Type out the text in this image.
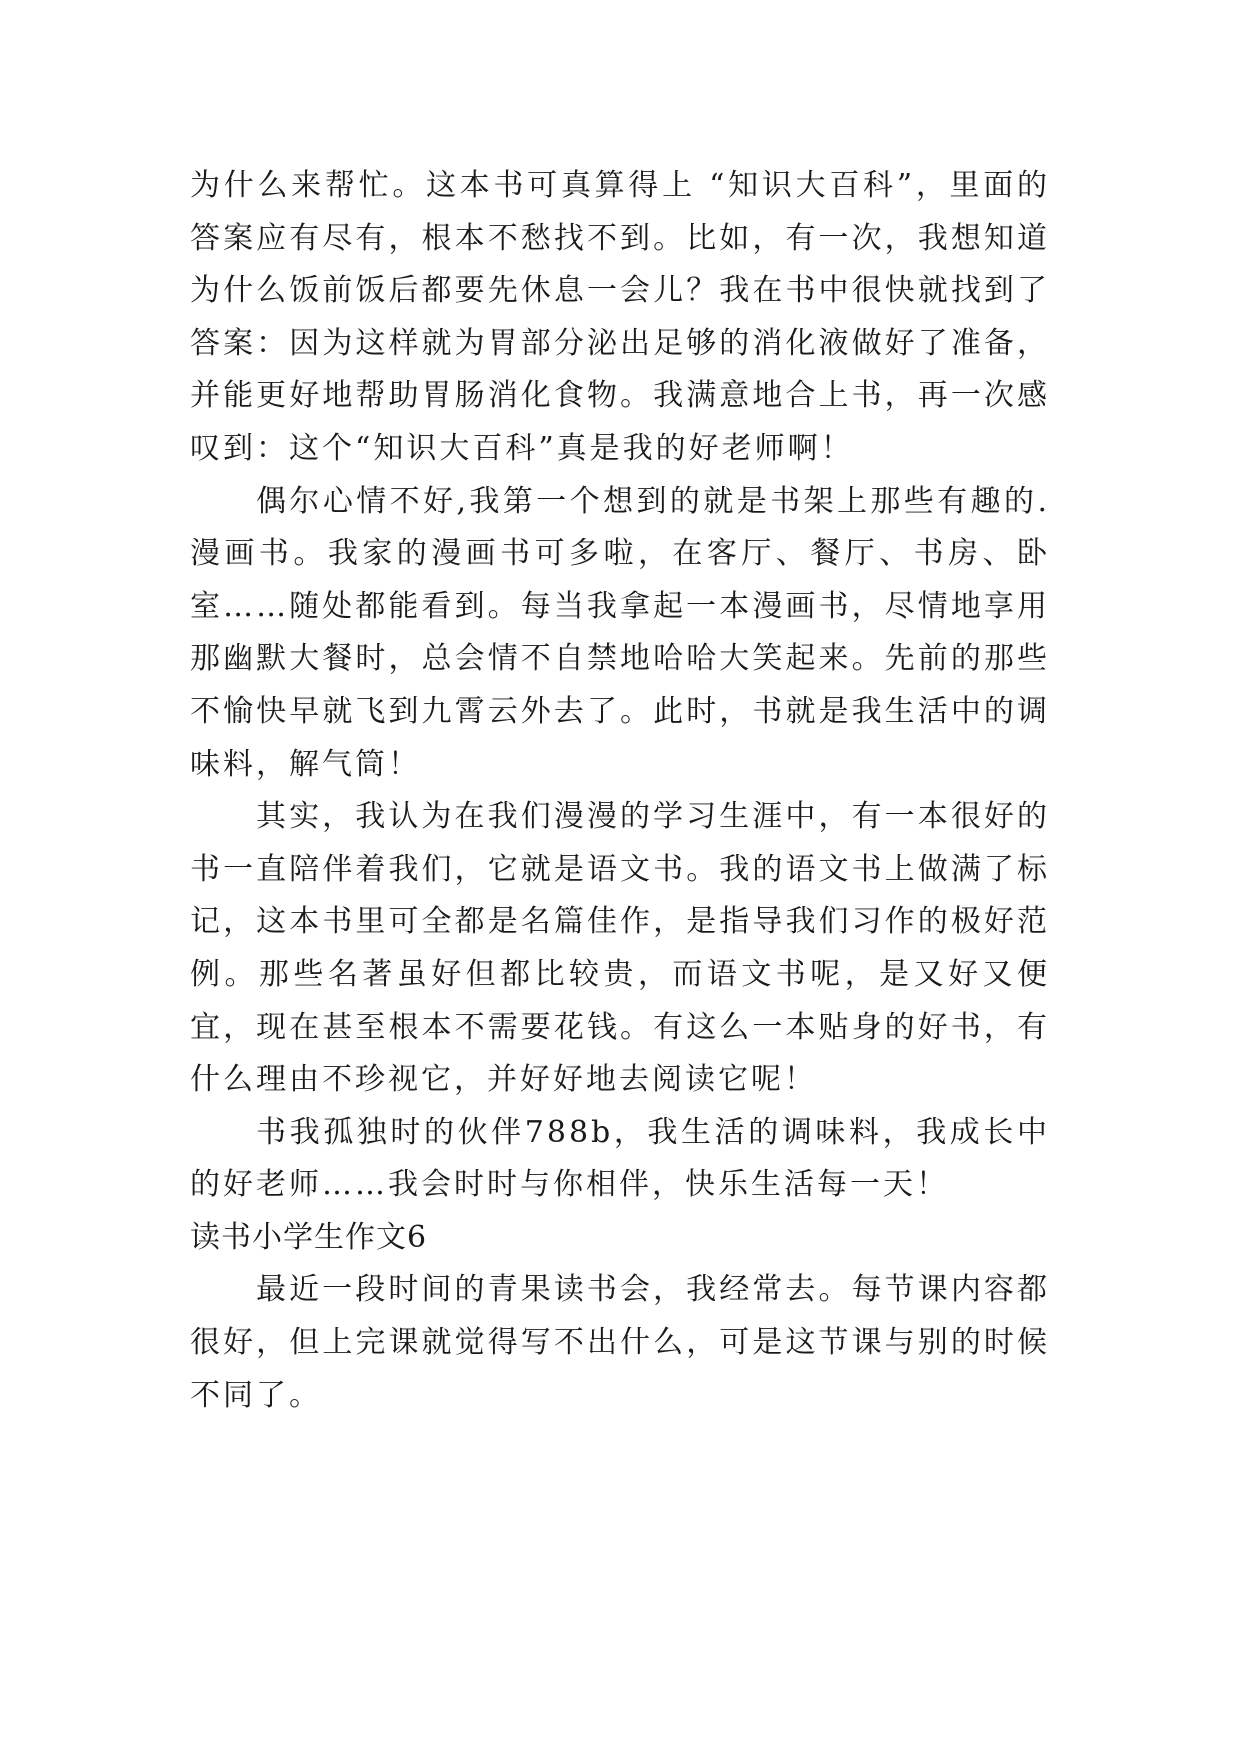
为什么来帮忙。这本书可真算得上 “知识大百科”，里面的答案应有尽有，根本不愁找不到。比如，有一次，我想知道为什么饭前饭后都要先休息一会儿？我在书中很快就找到了答案：因为这样就为胃部分泌出足够的消化液做好了准备，并能更好地帮助胃肠消化食物。我满意地合上书，再一次感叹到：这个“知识大百科”真是我的好老师啊！

偶尔心情不好,我第一个想到的就是书架上那些有趣的.漫画书。我家的漫画书可多啦，在客厅、餐厅、书房、卧室……随处都能看到。每当我拿起一本漫画书，尽情地享用那幽默大餐时，总会情不自禁地哈哈大笑起来。先前的那些不愉快早就飞到九霄云外去了。此时，书就是我生活中的调味料，解气筒！

其实，我认为在我们漫漫的学习生涯中，有一本很好的书一直陪伴着我们，它就是语文书。我的语文书上做满了标记，这本书里可全都是名篇佳作，是指导我们习作的极好范例。那些名著虽好但都比较贵，而语文书呢，是又好又便宜，现在甚至根本不需要花钱。有这么一本贴身的好书，有什么理由不珍视它，并好好地去阅读它呢！

书我孤独时的伙伴788b，我生活的调味料，我成长中的好老师……我会时时与你相伴，快乐生活每一天！

读书小学生作文6

最近一段时间的青果读书会，我经常去。每节课内容都很好，但上完课就觉得写不出什么，可是这节课与别的时候不同了。
